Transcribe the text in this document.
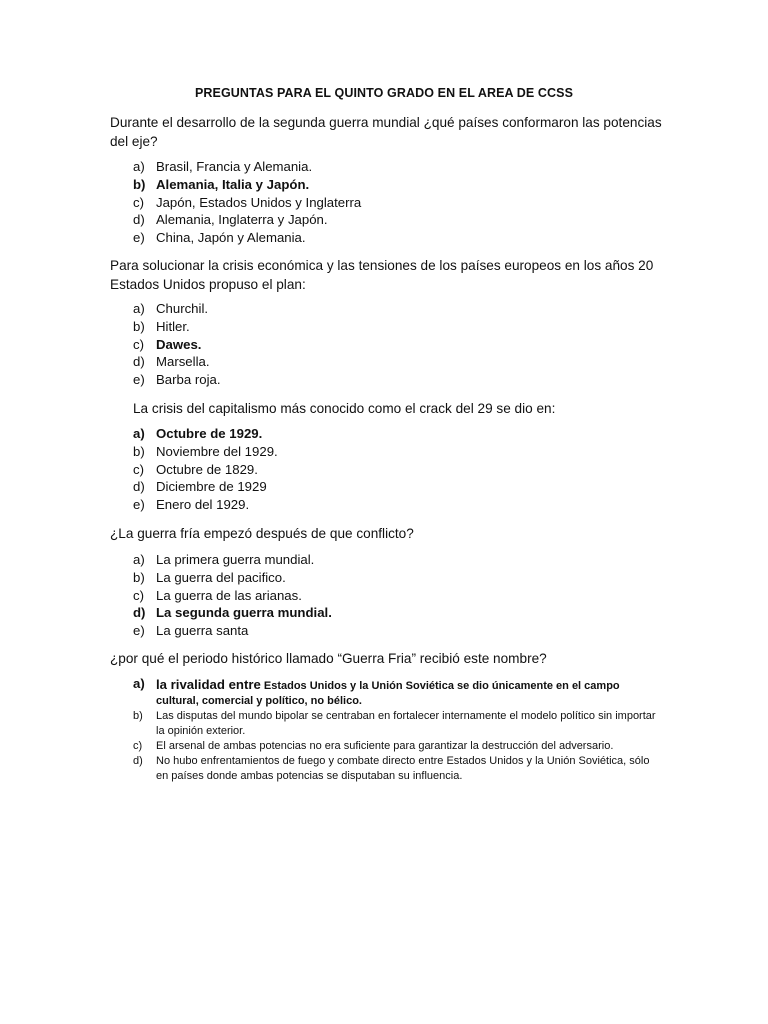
PREGUNTAS PARA EL QUINTO GRADO EN EL AREA DE CCSS
Durante el desarrollo de la segunda guerra mundial ¿qué países conformaron las potencias del eje?
a) Brasil, Francia y Alemania.
b) Alemania, Italia y Japón.
c) Japón, Estados Unidos y Inglaterra
d) Alemania, Inglaterra y Japón.
e) China, Japón y Alemania.
Para solucionar la crisis económica y las tensiones de los países europeos en los años 20 Estados Unidos propuso el plan:
a) Churchil.
b) Hitler.
c) Dawes.
d) Marsella.
e) Barba roja.
La crisis del capitalismo más conocido como el crack del 29 se dio en:
a) Octubre de 1929.
b) Noviembre del 1929.
c) Octubre de 1829.
d) Diciembre de 1929
e) Enero del 1929.
¿La guerra fría empezó después de que conflicto?
a) La primera guerra mundial.
b) La guerra del pacifico.
c) La guerra de las arianas.
d) La segunda guerra mundial.
e) La guerra santa
¿por qué el periodo histórico llamado “Guerra Fria” recibió este nombre?
a) la rivalidad entre Estados Unidos y la Unión Soviética se dio únicamente en el campo cultural, comercial y político, no bélico.
b) Las disputas del mundo bipolar se centraban en fortalecer internamente el modelo político sin importar la opinión exterior.
c) El arsenal de ambas potencias no era suficiente para garantizar la destrucción del adversario.
d) No hubo enfrentamientos de fuego y combate directo entre Estados Unidos y la Unión Soviética, sólo en países donde ambas potencias se disputaban su influencia.
